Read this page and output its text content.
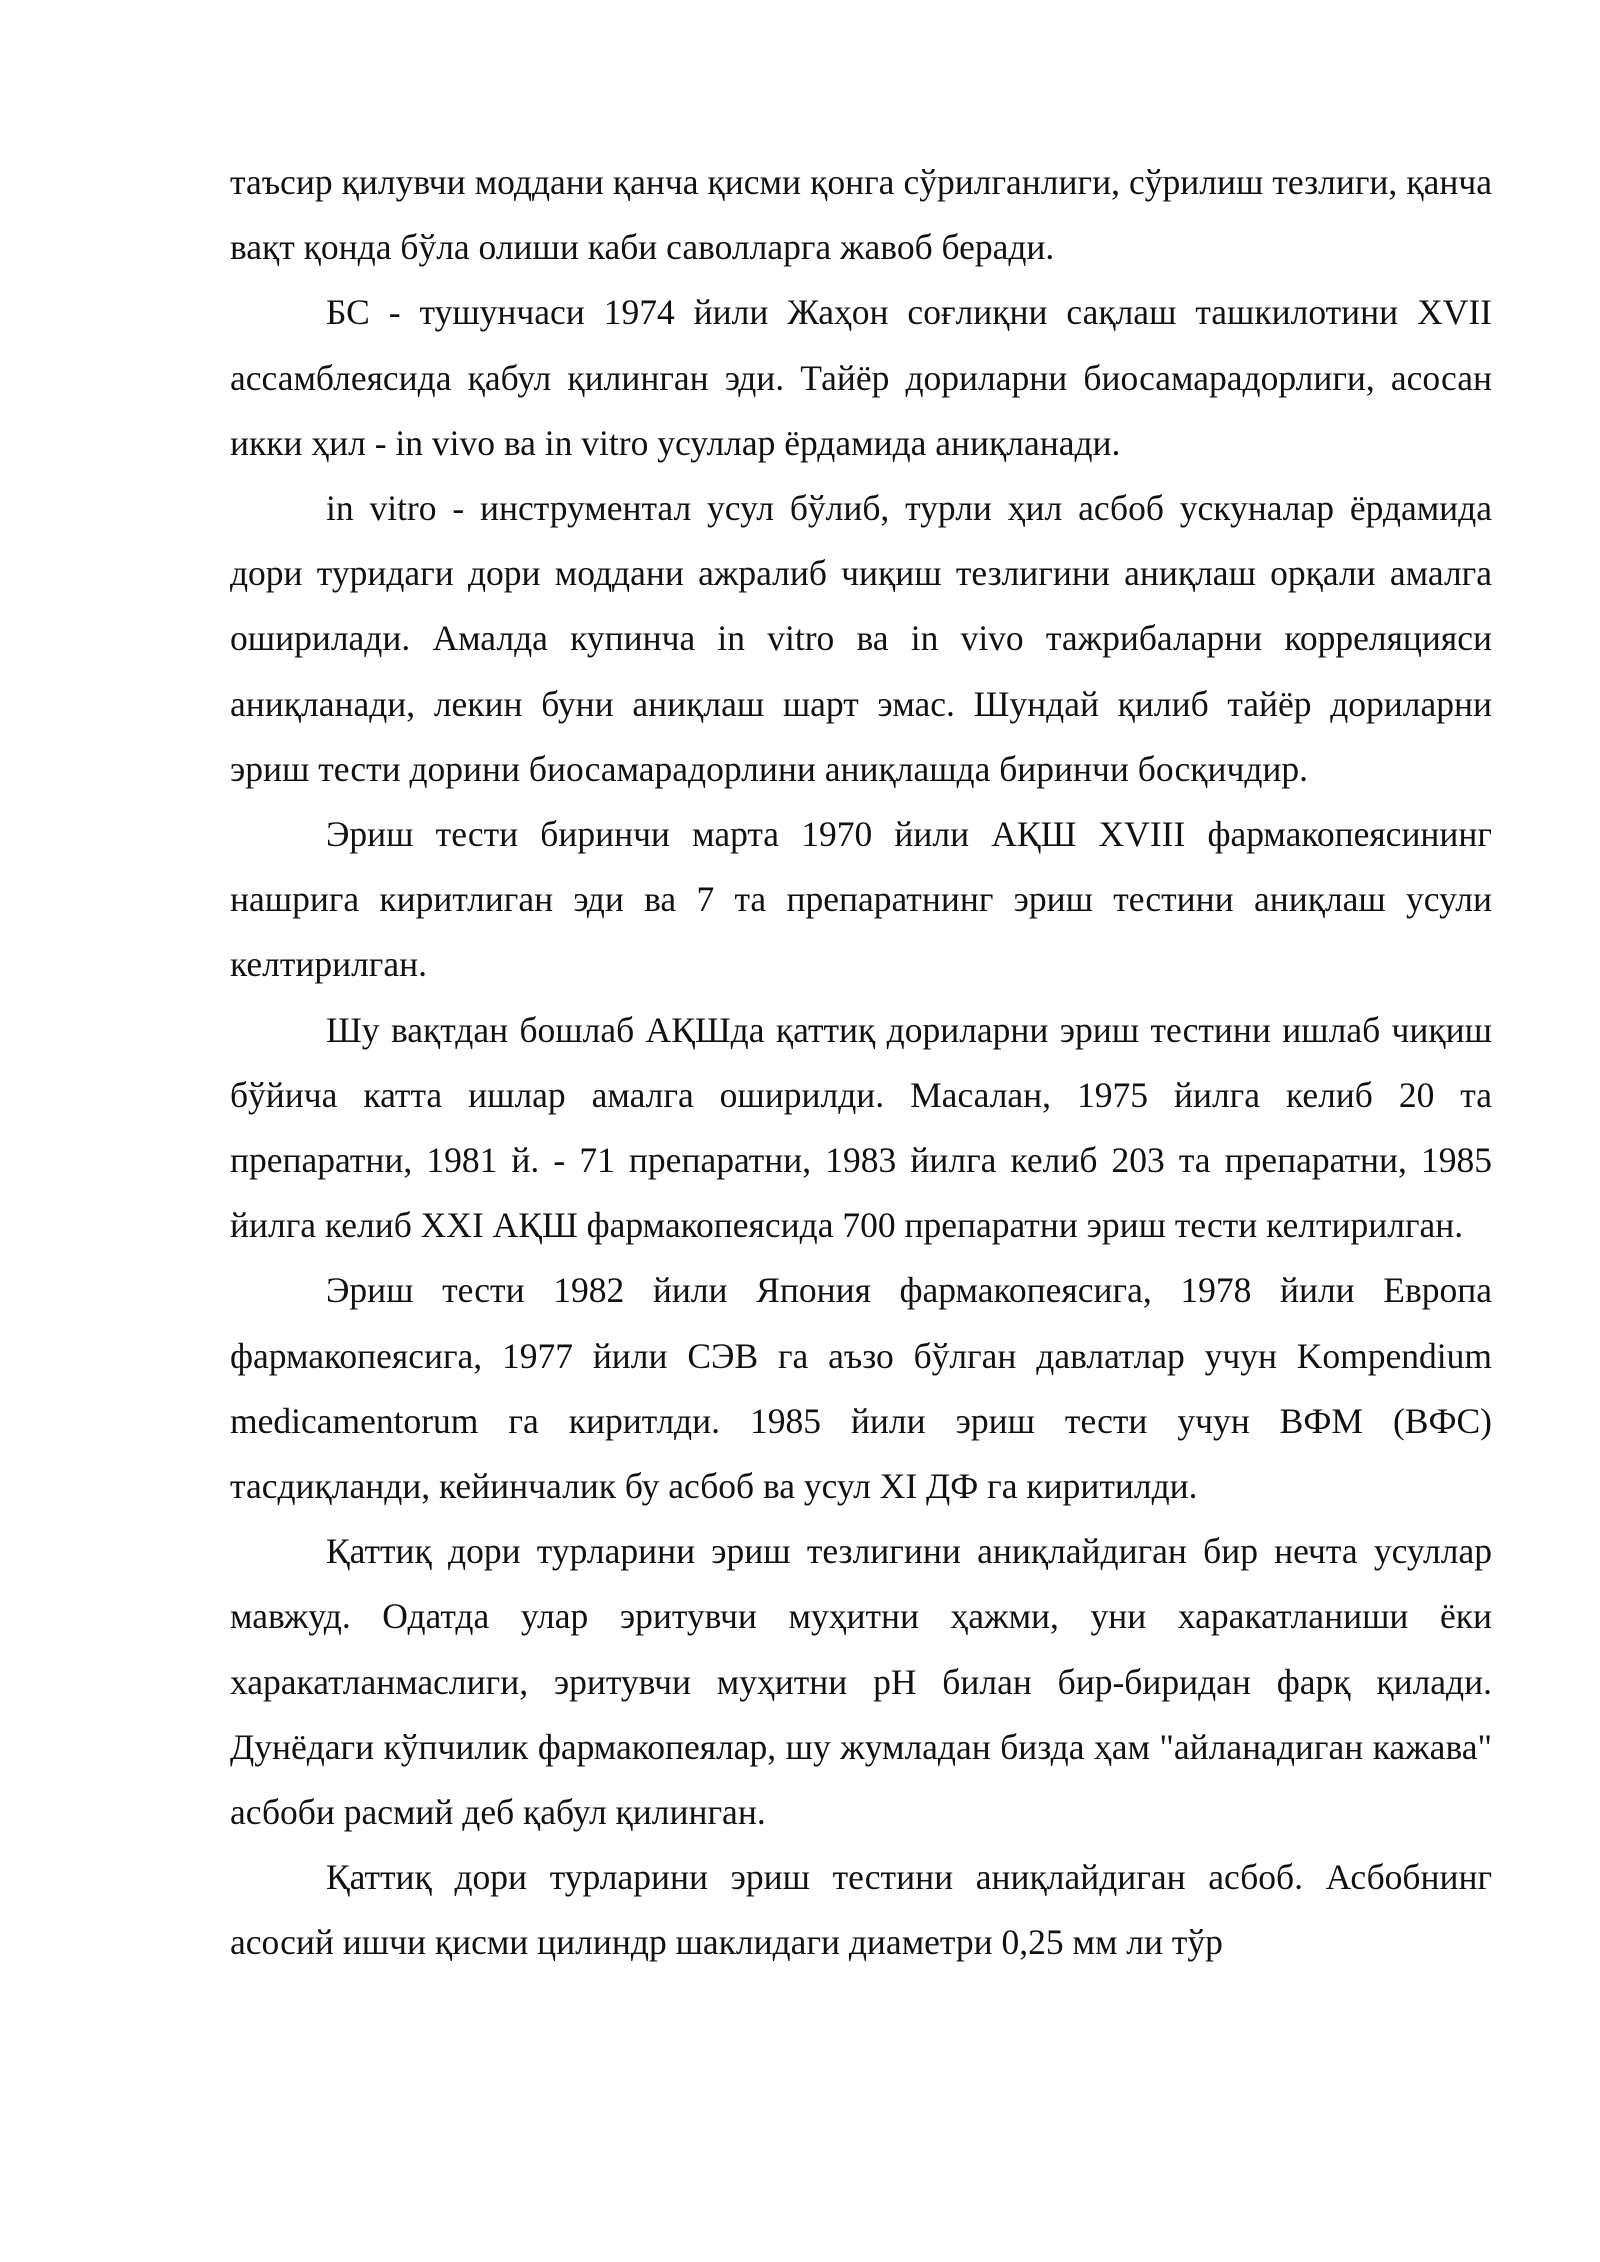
таъсир қилувчи моддани қанча қисми қонга сўрилганлиги, сўрилиш тезлиги, қанча вақт қонда бўла олиши каби саволларга жавоб беради.

БС - тушунчаси 1974 йили Жаҳон соғлиқни сақлаш ташкилотини XVII ассамблеясида қабул қилинган эди. Тайёр дориларни биосамарадорлиги, асосан икки ҳил - in vivo ва in vitro усуллар ёрдамида аниқланади.

in vitro - инструментал усул бўлиб, турли ҳил асбоб ускуналар ёрдамида дори туридаги дори моддани ажралиб чиқиш тезлигини аниқлаш орқали амалга оширилади. Амалда купинча in vitro ва in vivo тажрибаларни корреляцияси аниқланади, лекин буни аниқлаш шарт эмас. Шундай қилиб тайёр дориларни эриш тести дорини биосамарадорлини аниқлашда биринчи босқичдир.

Эриш тести биринчи марта 1970 йили АҚШ XVIII фармакопеясининг нашрига киритлиган эди ва 7 та препаратнинг эриш тестини аниқлаш усули келтирилган.

Шу вақтдан бошлаб АҚШда қаттиқ дориларни эриш тестини ишлаб чиқиш бўйича катта ишлар амалга оширилди. Масалан, 1975 йилга келиб 20 та препаратни, 1981 й. - 71 препаратни, 1983 йилга келиб 203 та препаратни, 1985 йилга келиб XXI АҚШ фармакопеясида 700 препаратни эриш тести келтирилган.

Эриш тести 1982 йили Япония фармакопеясига, 1978 йили Европа фармакопеясига, 1977 йили СЭВ га аъзо бўлган давлатлар учун Kompendium medicamentorum га киритлди. 1985 йили эриш тести учун ВФМ (ВФС) тасдиқланди, кейинчалик бу асбоб ва усул XI ДФ га киритилди.

Қаттиқ дори турларини эриш тезлигини аниқлайдиган бир нечта усуллар мавжуд. Одатда улар эритувчи муҳитни ҳажми, уни харакатланиши ёки харакатланмаслиги, эритувчи муҳитни pH билан бир-биридан фарқ қилади. Дунёдаги кўпчилик фармакопеялар, шу жумладан бизда ҳам "айланадиган кажава" асбоби расмий деб қабул қилинган.

Қаттиқ дори турларини эриш тестини аниқлайдиган асбоб. Асбобнинг асосий ишчи қисми цилиндр шаклидаги диаметри 0,25 мм ли тўр
